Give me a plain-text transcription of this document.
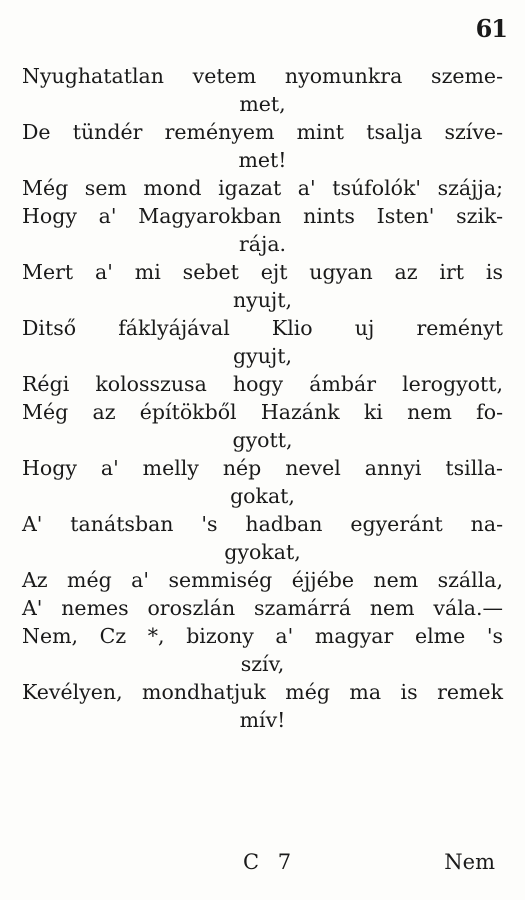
61
Nyughatatlan vetem nyomunkra szeme-
met,
De tündér reményem mint tsalja szíve-
met!
Még sem mond igazat a' tsúfolók' szájja;
Hogy a' Magyarokban nints Isten' szik-
rája.
Mert a' mi sebet ejt ugyan az irt is
nyujt,
Ditső fáklyájával Klio uj reményt
gyujt,
Régi kolosszusa hogy ámbár lerogyott,
Még az építökből Hazánk ki nem fo-
gyott,
Hogy a' melly nép nevel annyi tsilla-
gokat,
A' tanátsban 's hadban egyeránt na-
gyokat,
Az még a' semmiség éjjébe nem szálla,
A' nemes oroszlán szamárrá nem vála.—
Nem, Cz *, bizony a' magyar elme 's
szív,
Kevélyen, mondhatjuk még ma is remek
mív!
C 7	Nem
